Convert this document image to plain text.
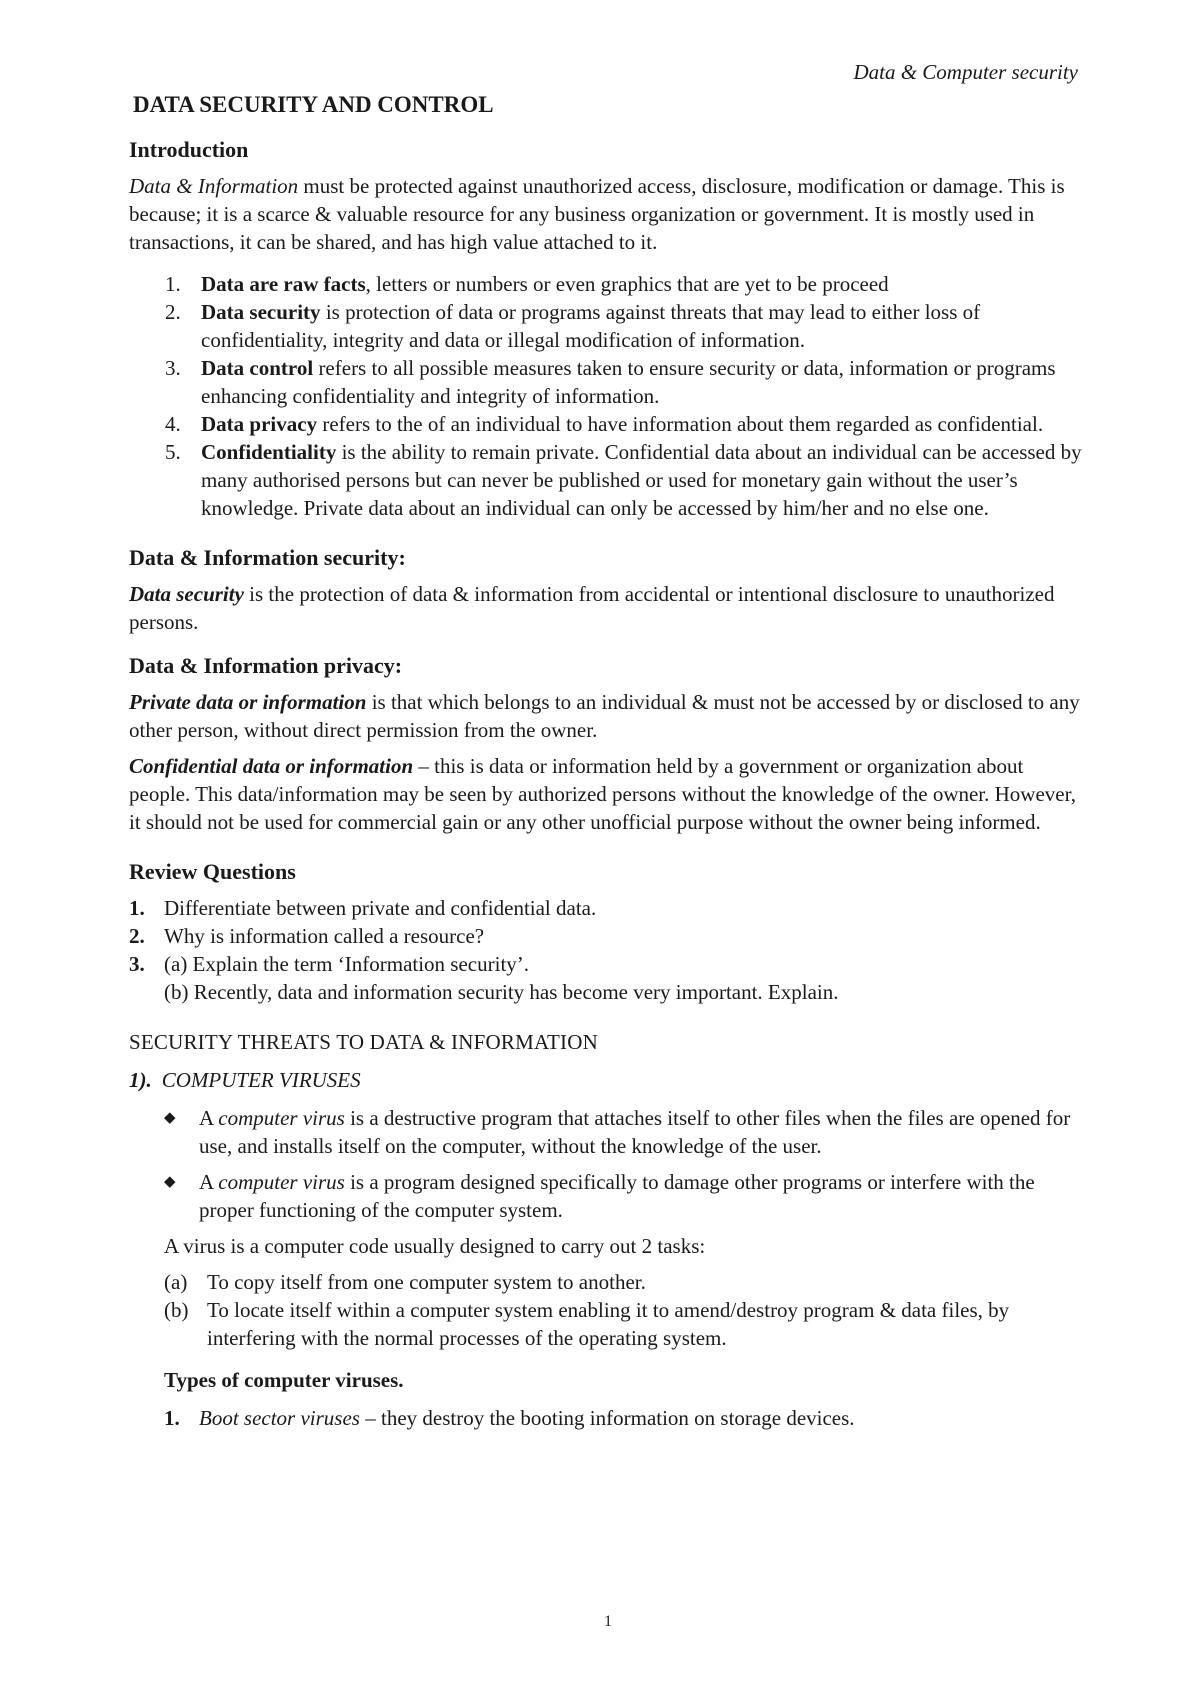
Data & Computer security
DATA SECURITY AND CONTROL
Introduction

Data & Information must be protected against unauthorized access, disclosure, modification or damage. This is because; it is a scarce & valuable resource for any business organization or government. It is mostly used in transactions, it can be shared, and has high value attached to it.

1. Data are raw facts, letters or numbers or even graphics that are yet to be proceed
2. Data security is protection of data or programs against threats that may lead to either loss of confidentiality, integrity and data or illegal modification of information.
3. Data control refers to all possible measures taken to ensure security or data, information or programs enhancing confidentiality and integrity of information.
4. Data privacy refers to the of an individual to have information about them regarded as confidential.
5. Confidentiality is the ability to remain private. Confidential data about an individual can be accessed by many authorised persons but can never be published or used for monetary gain without the user’s knowledge. Private data about an individual can only be accessed by him/her and no else one.
Data & Information security:

Data security is the protection of data & information from accidental or intentional disclosure to unauthorized persons.

Data & Information privacy:

Private data or information is that which belongs to an individual & must not be accessed by or disclosed to any other person, without direct permission from the owner.

Confidential data or information – this is data or information held by a government or organization about people. This data/information may be seen by authorized persons without the knowledge of the owner. However, it should not be used for commercial gain or any other unofficial purpose without the owner being informed.

Review Questions
1. Differentiate between private and confidential data.
2. Why is information called a resource?
3. (a) Explain the term ‘Information security’.
(b) Recently, data and information security has become very important. Explain.
SECURITY THREATS TO DATA & INFORMATION
1). COMPUTER VIRUSES
◆ A computer virus is a destructive program that attaches itself to other files when the files are opened for use, and installs itself on the computer, without the knowledge of the user.
◆ A computer virus is a program designed specifically to damage other programs or interfere with the proper functioning of the computer system.

A virus is a computer code usually designed to carry out 2 tasks:

(a) To copy itself from one computer system to another.
(b) To locate itself within a computer system enabling it to amend/destroy program & data files, by interfering with the normal processes of the operating system.
Types of computer viruses.
1. Boot sector viruses – they destroy the booting information on storage devices.
1
